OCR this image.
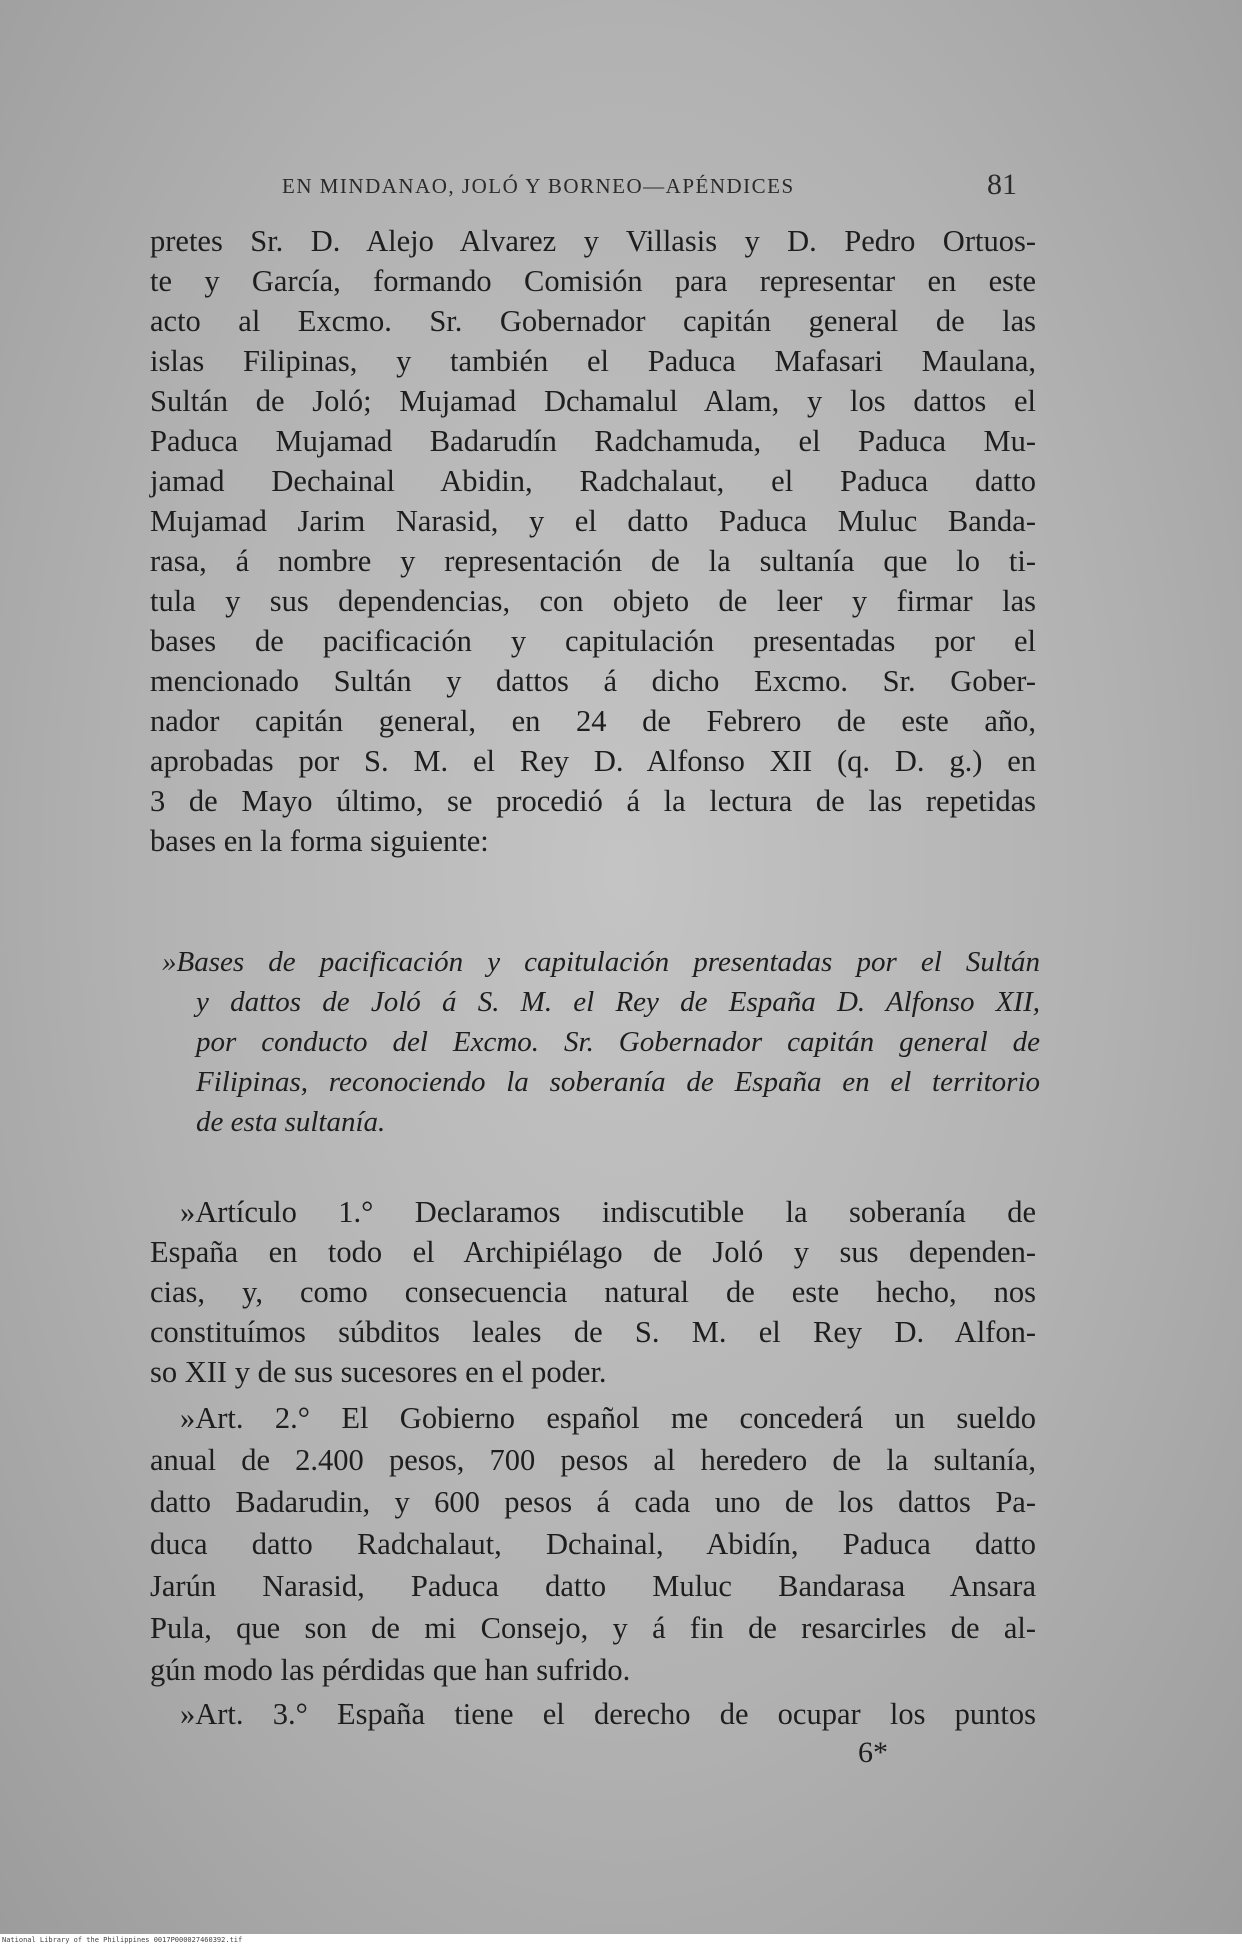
EN MINDANAO, JOLÓ Y BORNEO—APÉNDICES	81

pretes Sr. D. Alejo Alvarez y Villasis y D. Pedro Ortuos-

te y García, formando Comisión para representar en este

acto al Excmo. Sr. Gobernador capitán general de las

islas Filipinas, y también el Paduca Mafasari Maulana,

Sultán de Joló; Mujamad Dchamalul Alam, y los dattos el

Paduca Mujamad Badarudín Radchamuda, el Paduca Mu-

jamad Dechainal Abidin, Radchalaut, el Paduca datto

Mujamad Jarim Narasid, y el datto Paduca Muluc Banda-

rasa, á nombre y representación de la sultanía que lo ti-

tula y sus dependencias, con objeto de leer y firmar las

bases de pacificación y capitulación presentadas por el

mencionado Sultán y dattos á dicho Excmo. Sr. Gober-

nador capitán general, en 24 de Febrero de este año,

aprobadas por S. M. el Rey D. Alfonso XII (q. D. g.) en

3 de Mayo último, se procedió á la lectura de las repetidas

bases en la forma siguiente:

»Bases de pacificación y capitulación presentadas por el Sultán

y dattos de Joló á S. M. el Rey de España D. Alfonso XII,

por conducto del Excmo. Sr. Gobernador capitán general de

Filipinas, reconociendo la soberanía de España en el territorio

de esta sultanía.

»Artículo 1.° Declaramos indiscutible la soberanía de

España en todo el Archipiélago de Joló y sus dependen-

cias, y, como consecuencia natural de este hecho, nos

constituímos súbditos leales de S. M. el Rey D. Alfon-

so XII y de sus sucesores en el poder.

»Art. 2.° El Gobierno español me concederá un sueldo

anual de 2.400 pesos, 700 pesos al heredero de la sultanía,

datto Badarudin, y 600 pesos á cada uno de los dattos Pa-

duca datto Radchalaut, Dchainal, Abidín, Paduca datto

Jarún Narasid, Paduca datto Muluc Bandarasa Ansara

Pula, que son de mi Consejo, y á fin de resarcirles de al-

gún modo las pérdidas que han sufrido.

»Art. 3.° España tiene el derecho de ocupar los puntos

6*
National Library of the Philippines 0017P000027460392.tif
